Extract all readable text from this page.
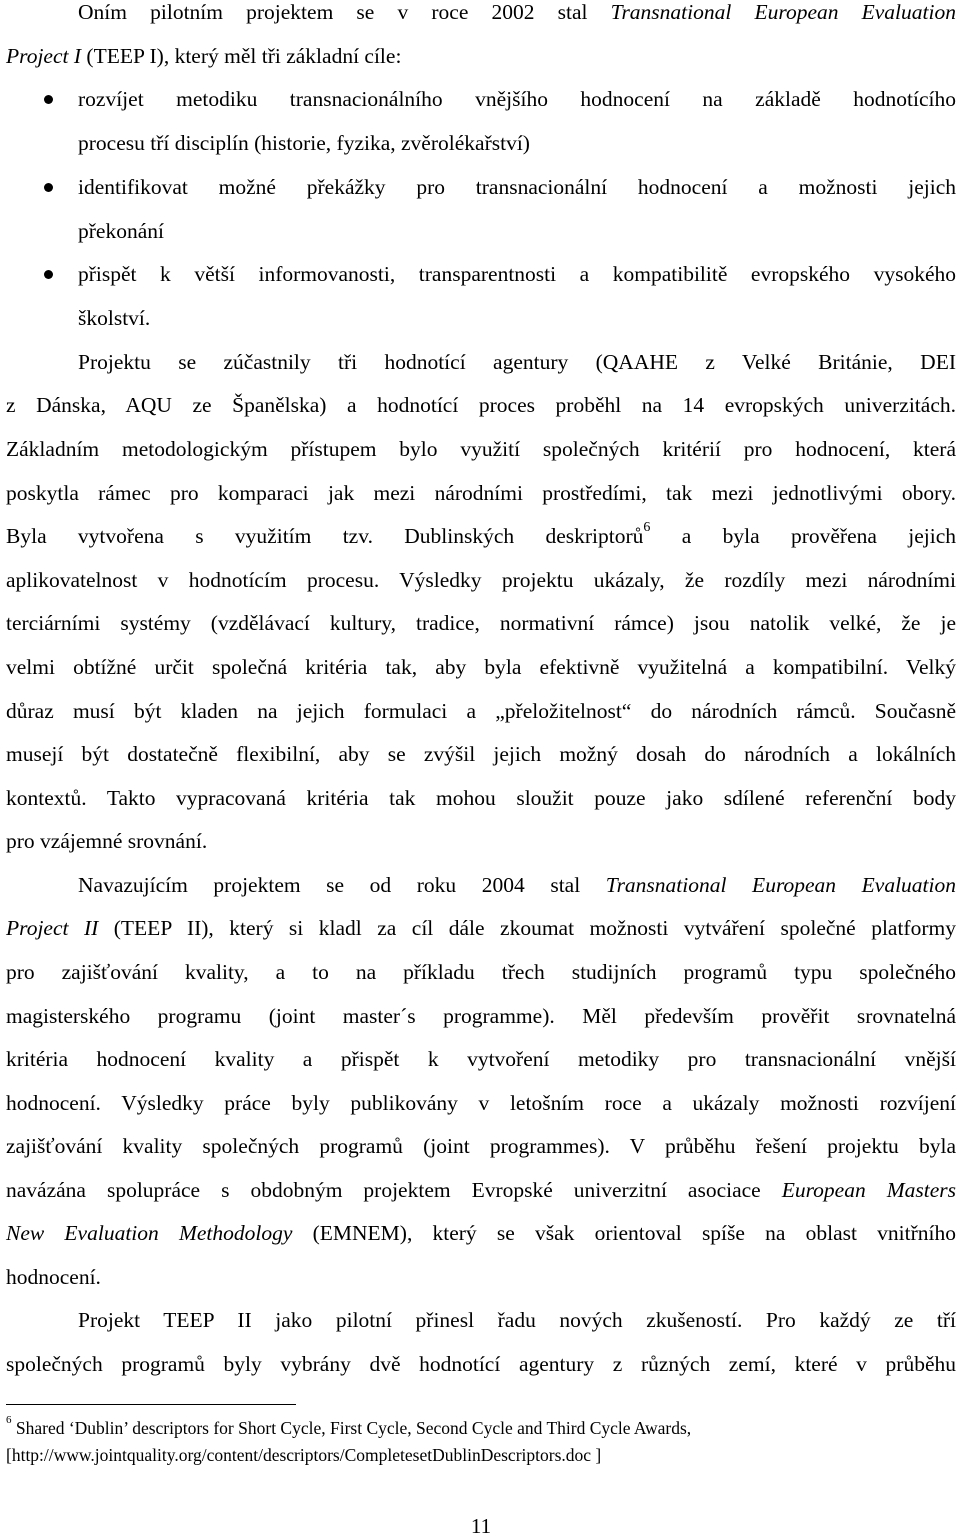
Oním pilotním projektem se v roce 2002 stal Transnational European Evaluation
Project I (TEEP I), který měl tři základní cíle:
rozvíjet metodiku transnacionálního vnějšího hodnocení na základě hodnotícího
procesu tří disciplín (historie, fyzika, zvěrolékařství)
identifikovat možné překážky pro transnacionální hodnocení a možnosti jejich
překonání
přispět k větší informovanosti, transparentnosti a kompatibilitě evropského vysokého
školství.
Projektu se zúčastnily tři hodnotící agentury (QAAHE z Velké Británie, DEI
z Dánska, AQU ze Španělska) a hodnotící proces proběhl na 14 evropských univerzitách.
Základním metodologickým přístupem bylo využití společných kritérií pro hodnocení, která
poskytla rámec pro komparaci jak mezi národními prostředími, tak mezi jednotlivými obory.
Byla vytvořena s využitím tzv. Dublinských deskriptorů$^6$ a byla prověřena jejich
aplikovatelnost v hodnotícím procesu. Výsledky projektu ukázaly, že rozdíly mezi národními
terciárními systémy (vzdělávací kultury, tradice, normativní rámce) jsou natolik velké, že je
velmi obtížné určit společná kritéria tak, aby byla efektivně využitelná a kompatibilní. Velký
důraz musí být kladen na jejich formulaci a „přeložitelnost“ do národních rámců. Současně
musejí být dostatečně flexibilní, aby se zvýšil jejich možný dosah do národních a lokálních
kontextů. Takto vypracovaná kritéria tak mohou sloužit pouze jako sdílené referenční body
pro vzájemné srovnání.
Navazujícím projektem se od roku 2004 stal Transnational European Evaluation
Project II (TEEP II), který si kladl za cíl dále zkoumat možnosti vytváření společné platformy
pro zajišťování kvality, a to na příkladu třech studijních programů typu společného
magisterského programu (joint master´s programme). Měl především prověřit srovnatelná
kritéria hodnocení kvality a přispět k vytvoření metodiky pro transnacionální vnější
hodnocení. Výsledky práce byly publikovány v letošním roce a ukázaly možnosti rozvíjení
zajišťování kvality společných programů (joint programmes). V průběhu řešení projektu byla
navázána spolupráce s obdobným projektem Evropské univerzitní asociace European Masters
New Evaluation Methodology (EMNEM), který se však orientoval spíše na oblast vnitřního
hodnocení.
Projekt TEEP II jako pilotní přinesl řadu nových zkušeností. Pro každý ze tří
společných programů byly vybrány dvě hodnotící agentury z různých zemí, které v průběhu
$^6$ Shared ‘Dublin’ descriptors for Short Cycle, First Cycle, Second Cycle and Third Cycle Awards,
[http://www.jointquality.org/content/descriptors/CompletesetDublinDescriptors.doc ]
11
